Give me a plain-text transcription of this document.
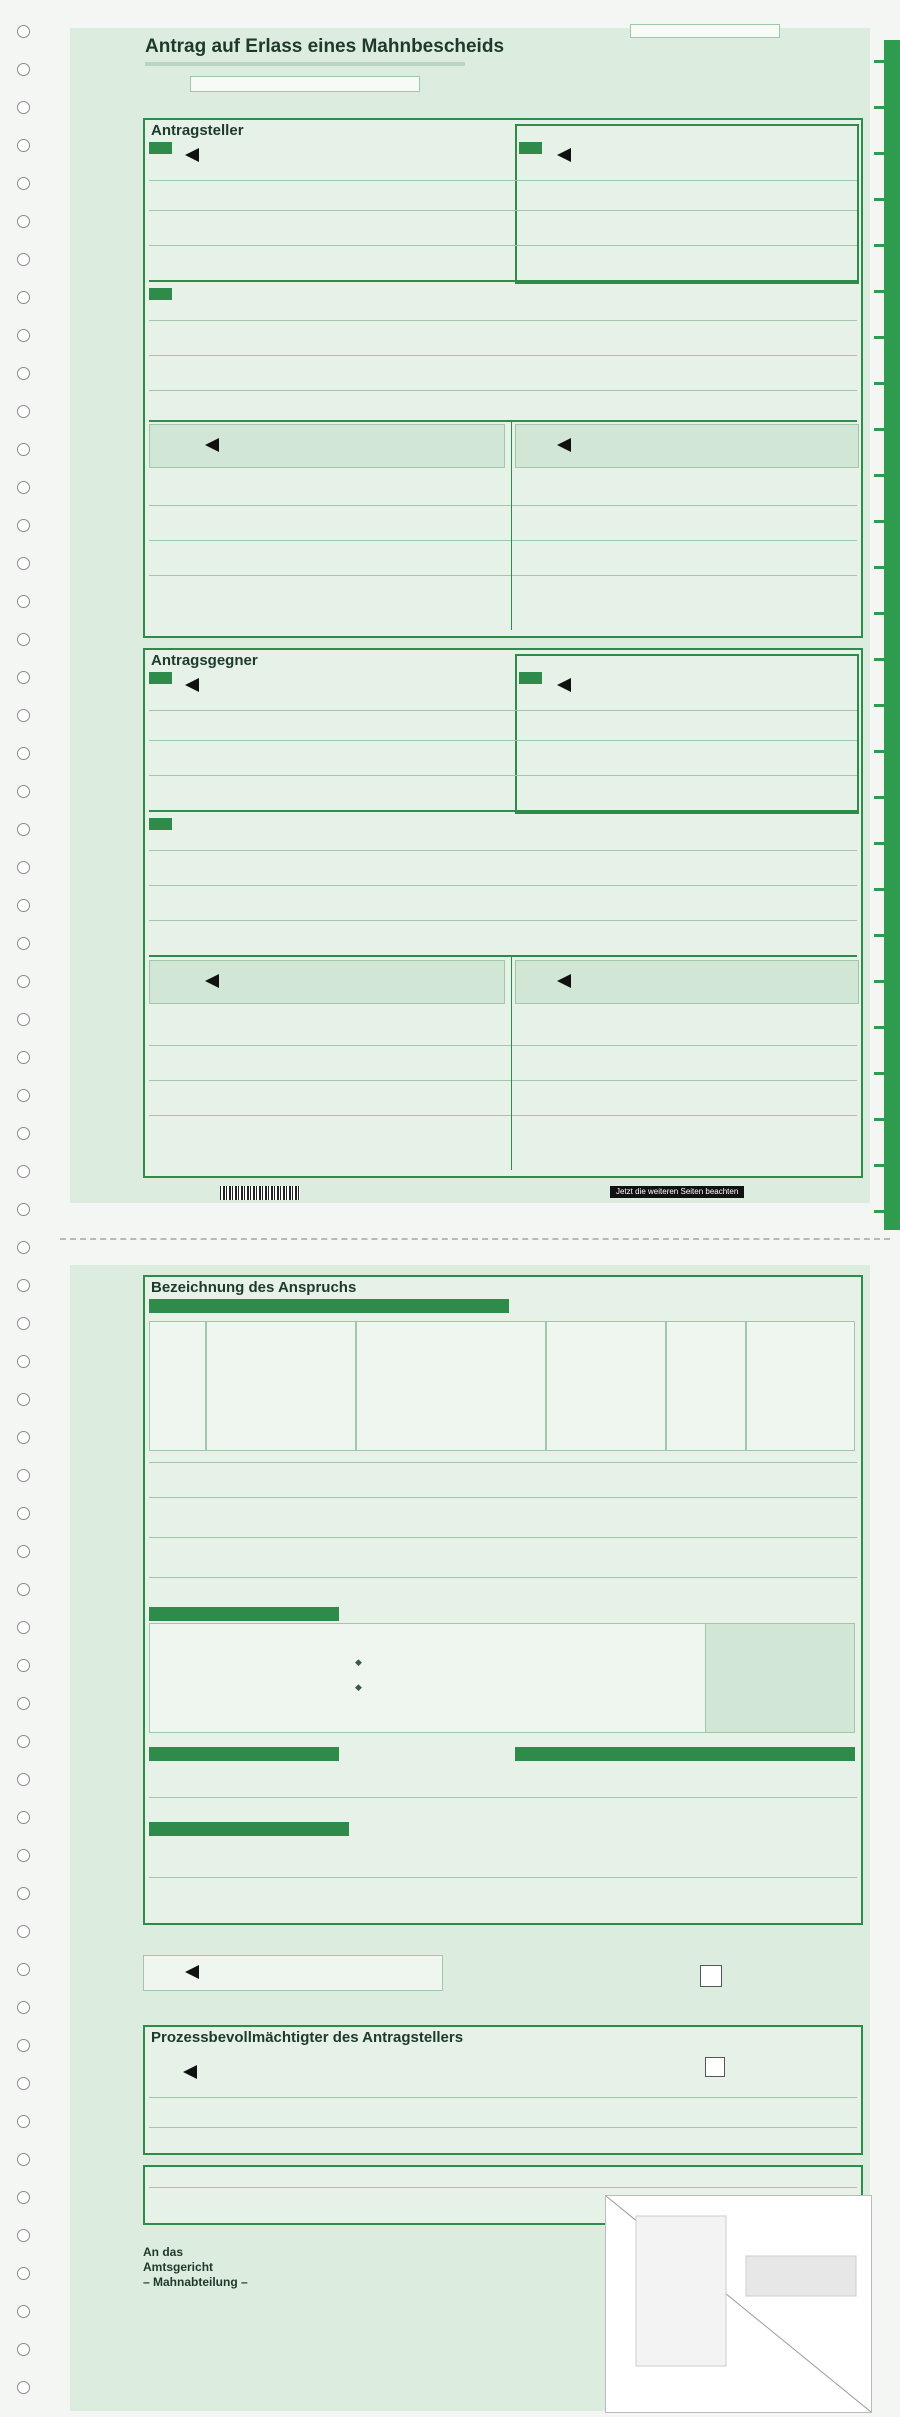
Antrag auf Erlass eines Mahnbescheids
Antragsteller

Antragsgegner

Jetzt die weiteren Seiten beachten
Bezeichnung des Anspruchs
◆
◆
Prozessbevollmächtigter des Antragstellers
An das
Amtsgericht
– Mahnabteilung –
